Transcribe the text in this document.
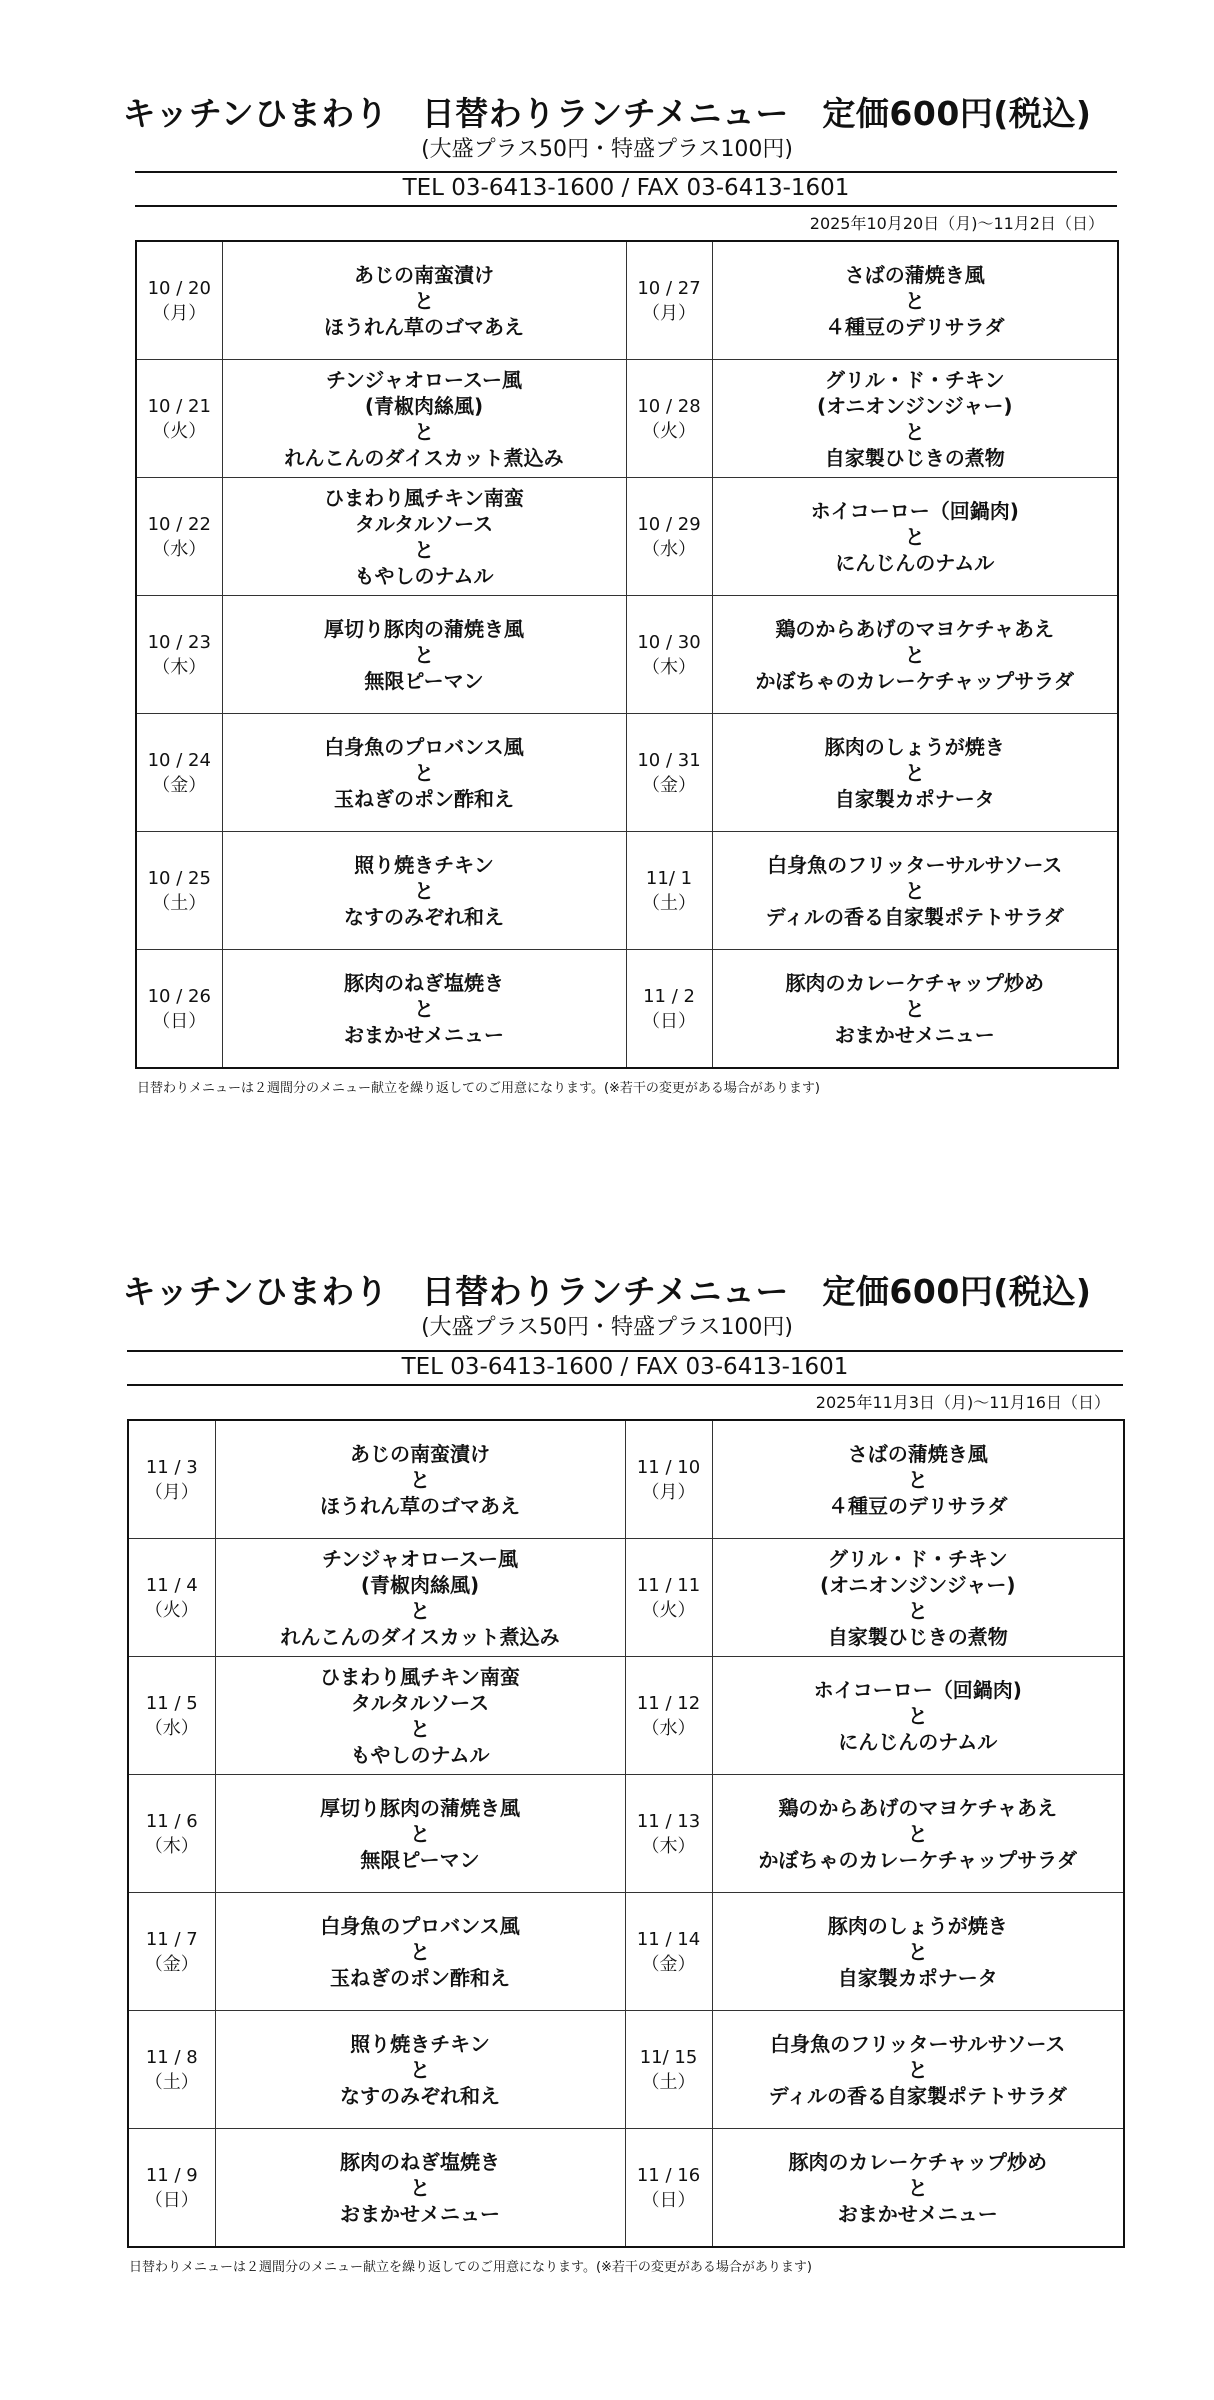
キッチンひまわり　日替わりランチメニュー　定価600円(税込)
(大盛プラス50円・特盛プラス100円)
TEL 03-6413-1600 / FAX 03-6413-1601
2025年10月20日（月)〜11月2日（日）
10 / 20
（月）	あじの南蛮漬け
と
ほうれん草のゴマあえ	10 / 27
（月）	さばの蒲焼き風
と
４種豆のデリサラダ

10 / 21
（火）	チンジャオロースー風
(青椒肉絲風)
と
れんこんのダイスカット煮込み	10 / 28
（火）	グリル・ド・チキン
(オニオンジンジャー)
と
自家製ひじきの煮物

10 / 22
（水）	ひまわり風チキン南蛮
タルタルソース
と
もやしのナムル	10 / 29
（水）	ホイコーロー（回鍋肉)
と
にんじんのナムル

10 / 23
（木）	厚切り豚肉の蒲焼き風
と
無限ピーマン	10 / 30
（木）	鶏のからあげのマヨケチャあえ
と
かぼちゃのカレーケチャップサラダ

10 / 24
（金）	白身魚のプロバンス風
と
玉ねぎのポン酢和え	10 / 31
（金）	豚肉のしょうが焼き
と
自家製カポナータ

10 / 25
（土）	照り焼きチキン
と
なすのみぞれ和え	11/ 1
（土）	白身魚のフリッターサルサソース
と
ディルの香る自家製ポテトサラダ

10 / 26
（日）	豚肉のねぎ塩焼き
と
おまかせメニュー	11 / 2
（日）	豚肉のカレーケチャップ炒め
と
おまかせメニュー
日替わりメニューは２週間分のメニュー献立を繰り返してのご用意になります。(※若干の変更がある場合があります)
キッチンひまわり　日替わりランチメニュー　定価600円(税込)
(大盛プラス50円・特盛プラス100円)
TEL 03-6413-1600 / FAX 03-6413-1601
2025年11月3日（月)〜11月16日（日）
11 / 3
（月）	あじの南蛮漬け
と
ほうれん草のゴマあえ	11 / 10
（月）	さばの蒲焼き風
と
４種豆のデリサラダ

11 / 4
（火）	チンジャオロースー風
(青椒肉絲風)
と
れんこんのダイスカット煮込み	11 / 11
（火）	グリル・ド・チキン
(オニオンジンジャー)
と
自家製ひじきの煮物

11 / 5
（水）	ひまわり風チキン南蛮
タルタルソース
と
もやしのナムル	11 / 12
（水）	ホイコーロー（回鍋肉)
と
にんじんのナムル

11 / 6
（木）	厚切り豚肉の蒲焼き風
と
無限ピーマン	11 / 13
（木）	鶏のからあげのマヨケチャあえ
と
かぼちゃのカレーケチャップサラダ

11 / 7
（金）	白身魚のプロバンス風
と
玉ねぎのポン酢和え	11 / 14
（金）	豚肉のしょうが焼き
と
自家製カポナータ

11 / 8
（土）	照り焼きチキン
と
なすのみぞれ和え	11/ 15
（土）	白身魚のフリッターサルサソース
と
ディルの香る自家製ポテトサラダ

11 / 9
（日）	豚肉のねぎ塩焼き
と
おまかせメニュー	11 / 16
（日）	豚肉のカレーケチャップ炒め
と
おまかせメニュー
日替わりメニューは２週間分のメニュー献立を繰り返してのご用意になります。(※若干の変更がある場合があります)
